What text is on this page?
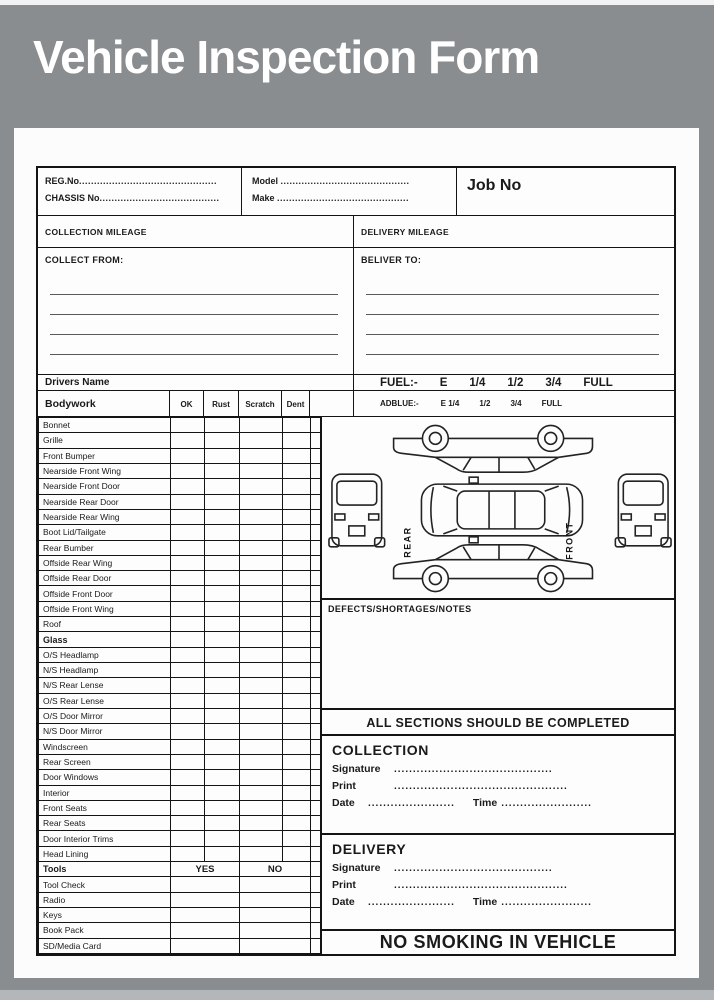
Vehicle Inspection Form
REG.No..............................................
CHASSIS No........................................
Model ...........................................
Make ............................................
Job No
COLLECTION MILEAGE	DELIVERY MILEAGE
COLLECT FROM:	BELIVER TO:
Drivers Name	FUEL:- E 1/4 1/2 3/4 FULL
Bodywork	OK	Rust	Scratch	Dent	ADBLUE:-	E 1/4	1/2	3/4	FULL
Bonnet					
Grille					
Front Bumper					
Nearside Front Wing					
Nearside Front Door					
Nearside Rear Door					
Nearside Rear Wing					
Boot Lid/Tailgate					
Rear Bumber					
Offside Rear Wing					
Offside Rear Door					
Offside Front Door					
Offside Front Wing					
Roof					
Glass					
O/S Headlamp					
N/S Headlamp					
N/S Rear Lense					
O/S Rear Lense					
O/S Door Mirror					
N/S Door Mirror					
Windscreen					
Rear Screen					
Door Windows					
Interior					
Front Seats					
Rear Seats					
Door Interior Trims					
Head Lining					
Tools	YES		NO		
Tool Check					
Radio					
Keys					
Book Pack					
SD/Media Card					
REAR	FRONT
DEFECTS/SHORTAGES/NOTES
ALL SECTIONS SHOULD BE COMPLETED
COLLECTION
Signature ..........................................
Print	..............................................
Date ....................... Time ........................
DELIVERY
Signature ..........................................
Print	..............................................
Date ....................... Time ........................
NO SMOKING IN VEHICLE
